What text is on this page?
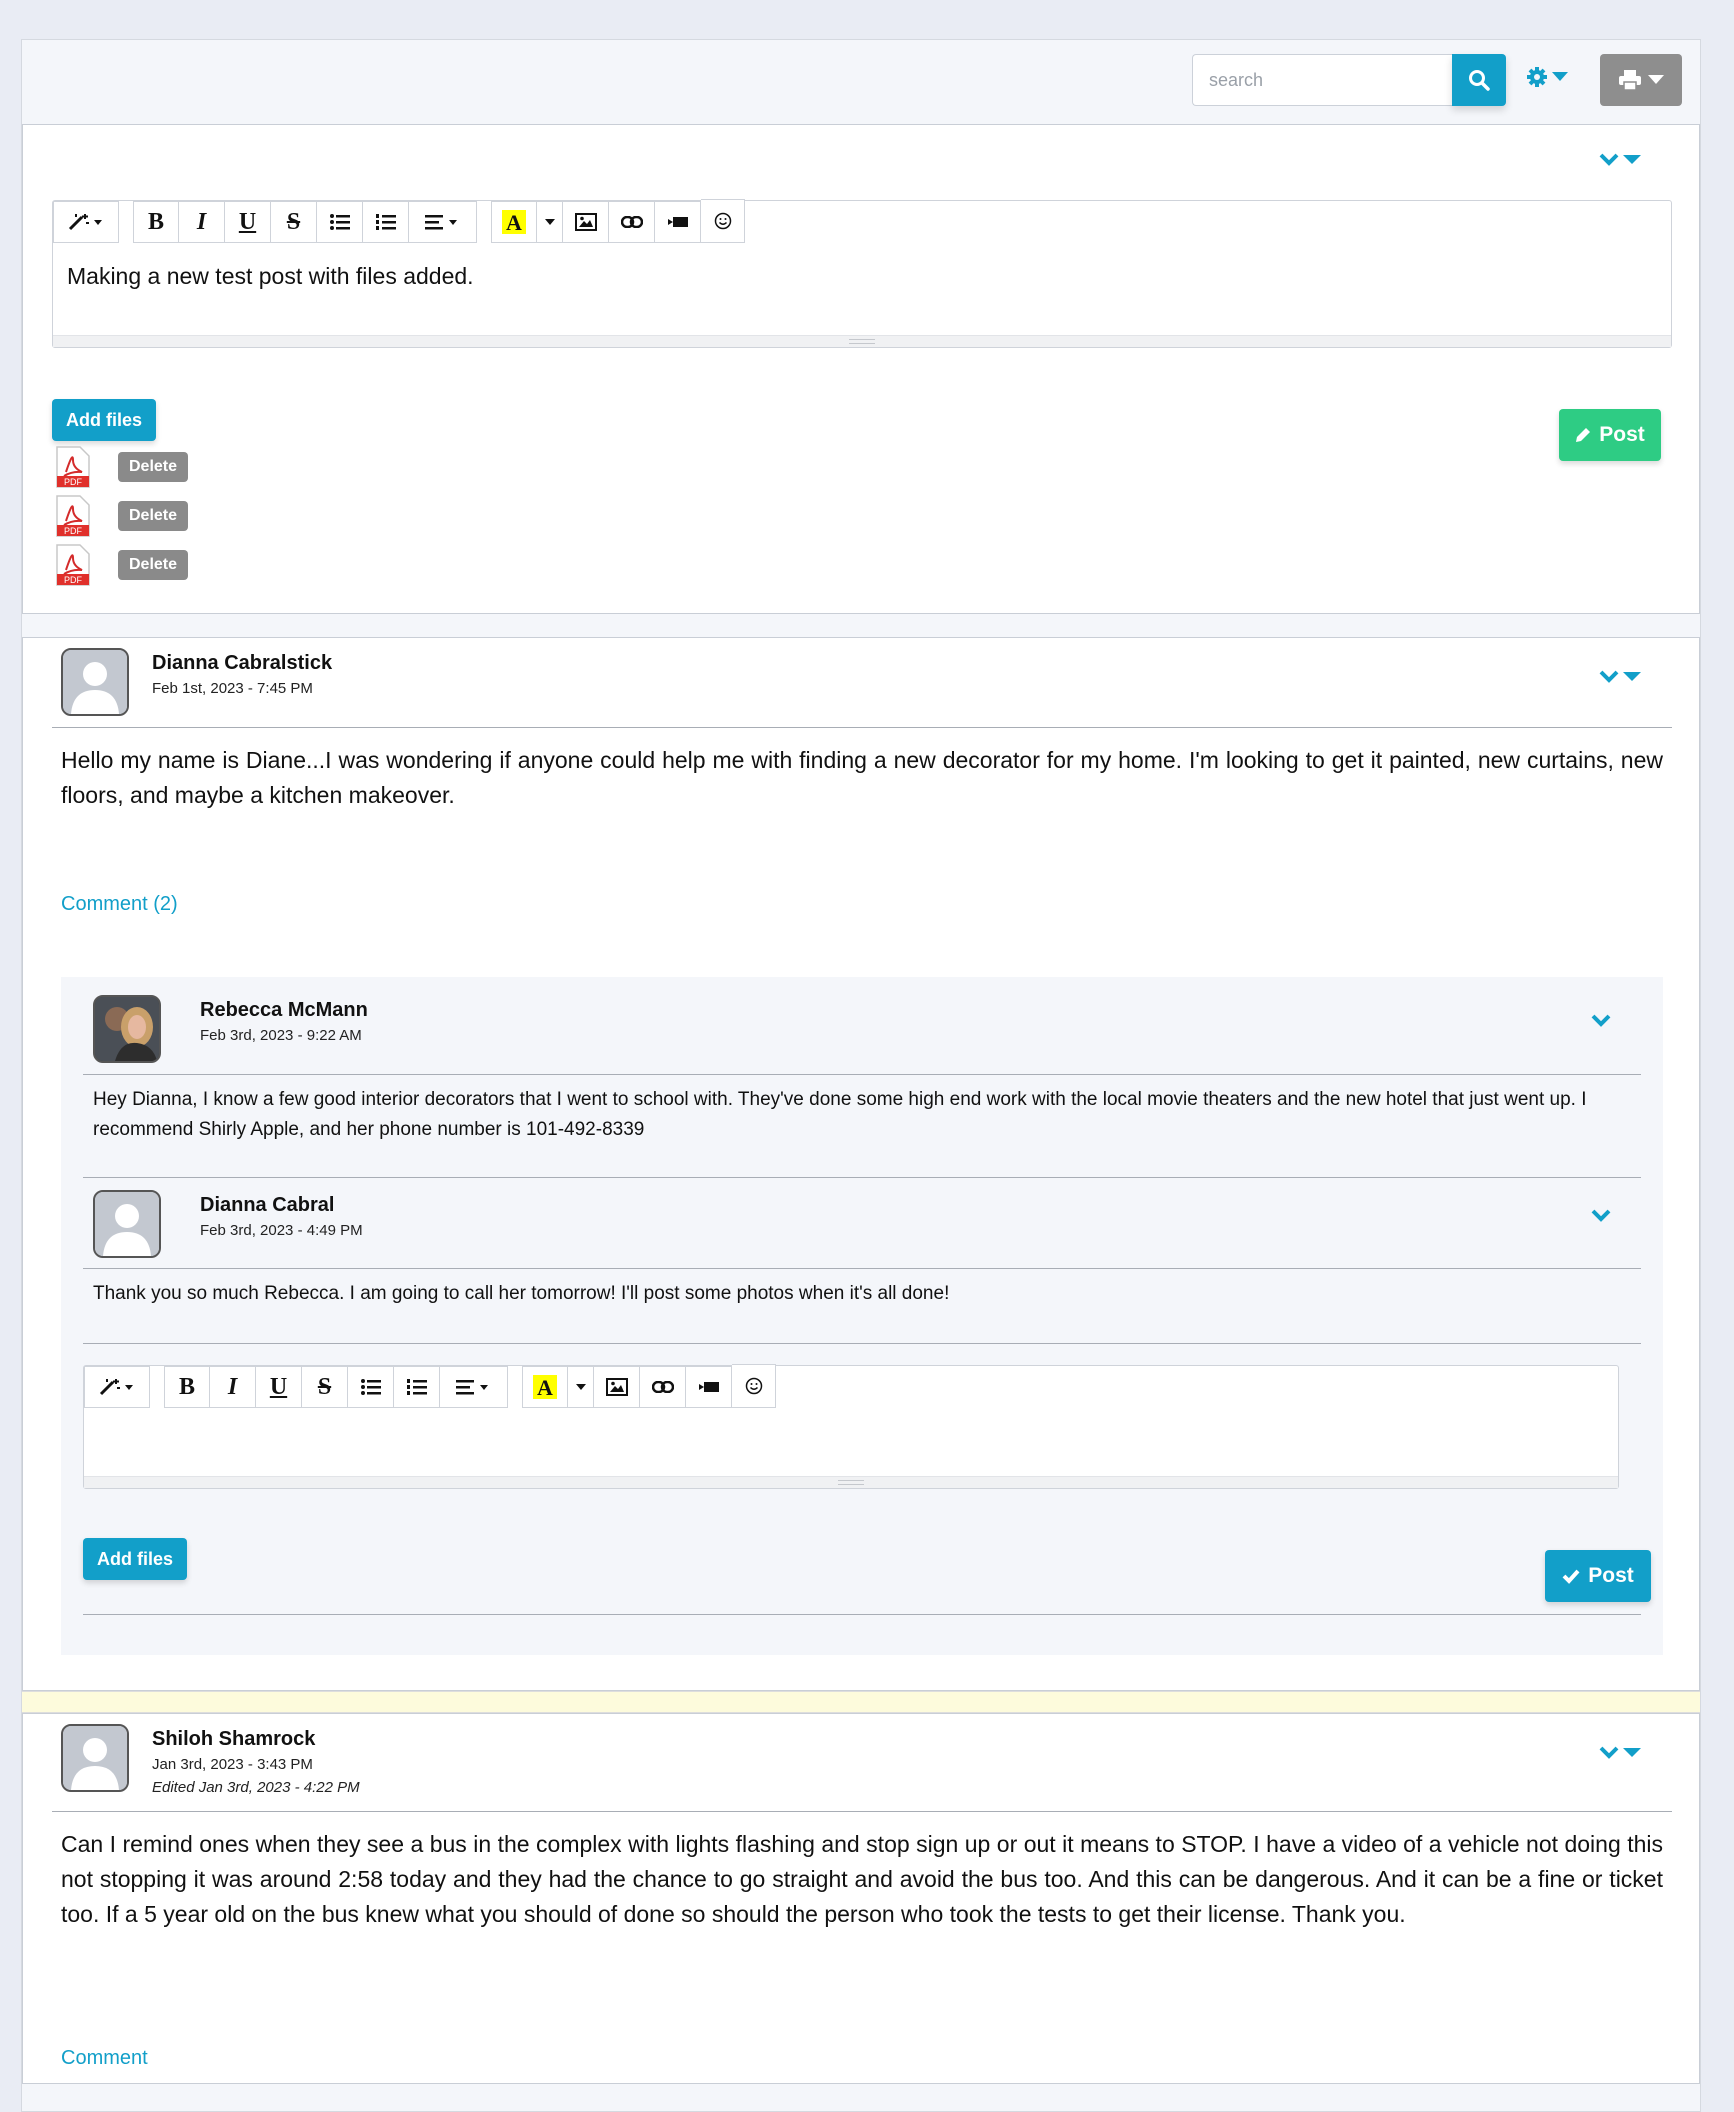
search
B I U S	A
Making a new test post with files added.
Add files
Post
PDF
Delete
PDF
Delete
PDF
Delete
Dianna Cabralstick
Feb 1st, 2023 - 7:45 PM
Hello my name is Diane...I was wondering if anyone could help me with finding a new decorator for my home. I'm looking to get it painted, new curtains, new floors, and maybe a kitchen makeover.
Comment (2)
Rebecca McMann
Feb 3rd, 2023 - 9:22 AM
Hey Dianna, I know a few good interior decorators that I went to school with. They've done some high end work with the local movie theaters and the new hotel that just went up. I recommend Shirly Apple, and her phone number is 101-492-8339
Dianna Cabral
Feb 3rd, 2023 - 4:49 PM
Thank you so much Rebecca. I am going to call her tomorrow! I'll post some photos when it's all done!
B I U S	A
Add files
Post
Shiloh Shamrock
Jan 3rd, 2023 - 3:43 PM
Edited Jan 3rd, 2023 - 4:22 PM
Can I remind ones when they see a bus in the complex with lights flashing and stop sign up or out it means to STOP. I have a video of a vehicle not doing this not stopping it was around 2:58 today and they had the chance to go straight and avoid the bus too. And this can be dangerous. And it can be a fine or ticket too. If a 5 year old on the bus knew what you should of done so should the person who took the tests to get their license. Thank you.
Comment
